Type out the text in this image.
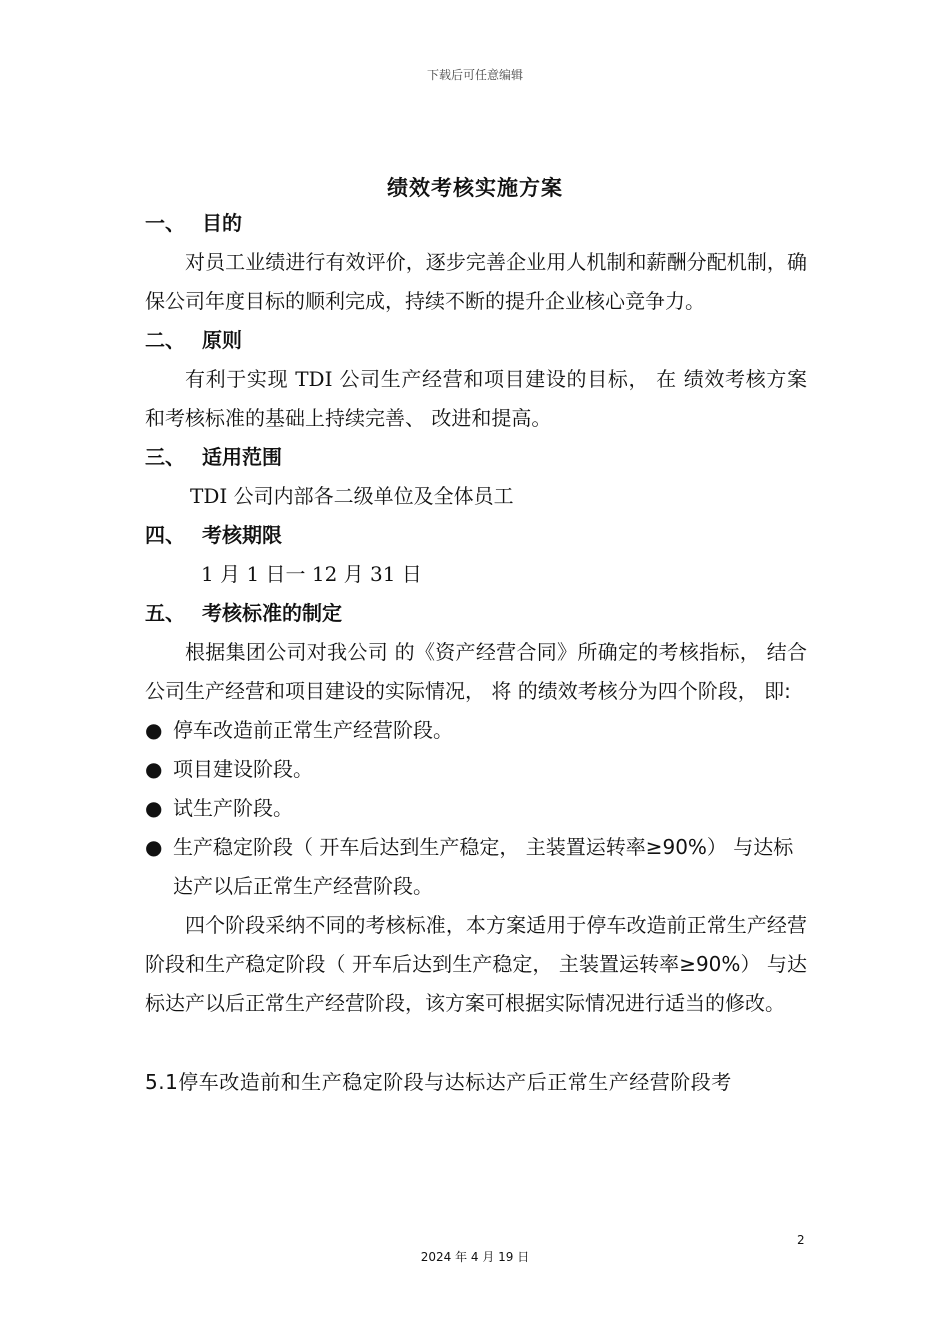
下载后可任意编辑
绩效考核实施方案
一、 目的
对员工业绩进行有效评价，逐步完善企业用人机制和薪酬分配机制，确保公司年度目标的顺利完成，持续不断的提升企业核心竞争力。
二、 原则
有利于实现 TDI 公司生产经营和项目建设的目标， 在 绩效考核方案和考核标准的基础上持续完善、 改进和提高。
三、 适用范围
TDI 公司内部各二级单位及全体员工
四、 考核期限
1 月 1 日一 12 月 31 日
五、 考核标准的制定
根据集团公司对我公司 的《资产经营合同》所确定的考核指标， 结合 公司生产经营和项目建设的实际情况， 将 的绩效考核分为四个阶段， 即:
● 停车改造前正常生产经营阶段。
● 项目建设阶段。
● 试生产阶段。
● 生产稳定阶段（ 开车后达到生产稳定， 主装置运转率≥90%） 与达标达产以后正常生产经营阶段。
四个阶段采纳不同的考核标准，本方案适用于停车改造前正常生产经营阶段和生产稳定阶段（ 开车后达到生产稳定， 主装置运转率≥90%） 与达标达产以后正常生产经营阶段，该方案可根据实际情况进行适当的修改。
5.1停车改造前和生产稳定阶段与达标达产后正常生产经营阶段考
2
2024 年 4 月 19 日
